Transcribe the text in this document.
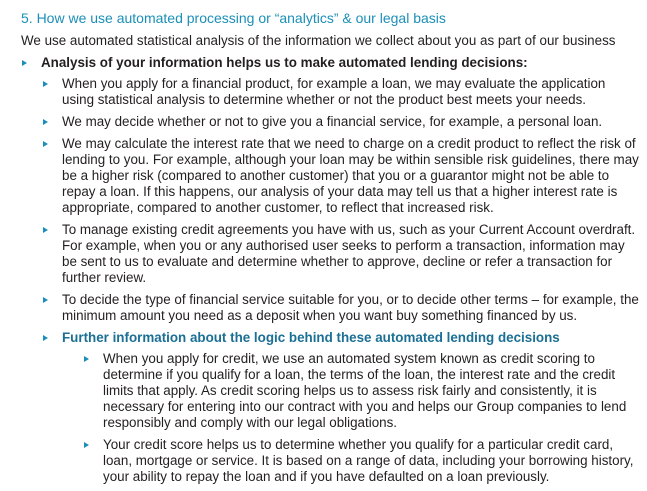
5. How we use automated processing or “analytics” & our legal basis
We use automated statistical analysis of the information we collect about you as part of our business
Analysis of your information helps us to make automated lending decisions:
When you apply for a financial product, for example a loan, we may evaluate the application using statistical analysis to determine whether or not the product best meets your needs.
We may decide whether or not to give you a financial service, for example, a personal loan.
We may calculate the interest rate that we need to charge on a credit product to reflect the risk of lending to you. For example, although your loan may be within sensible risk guidelines, there may be a higher risk (compared to another customer) that you or a guarantor might not be able to repay a loan. If this happens, our analysis of your data may tell us that a higher interest rate is appropriate, compared to another customer, to reflect that increased risk.
To manage existing credit agreements you have with us, such as your Current Account overdraft. For example, when you or any authorised user seeks to perform a transaction, information may be sent to us to evaluate and determine whether to approve, decline or refer a transaction for further review.
To decide the type of financial service suitable for you, or to decide other terms – for example, the minimum amount you need as a deposit when you want buy something financed by us.
Further information about the logic behind these automated lending decisions
When you apply for credit, we use an automated system known as credit scoring to determine if you qualify for a loan, the terms of the loan, the interest rate and the credit limits that apply. As credit scoring helps us to assess risk fairly and consistently, it is necessary for entering into our contract with you and helps our Group companies to lend responsibly and comply with our legal obligations.
Your credit score helps us to determine whether you qualify for a particular credit card, loan, mortgage or service. It is based on a range of data, including your borrowing history, your ability to repay the loan and if you have defaulted on a loan previously.
